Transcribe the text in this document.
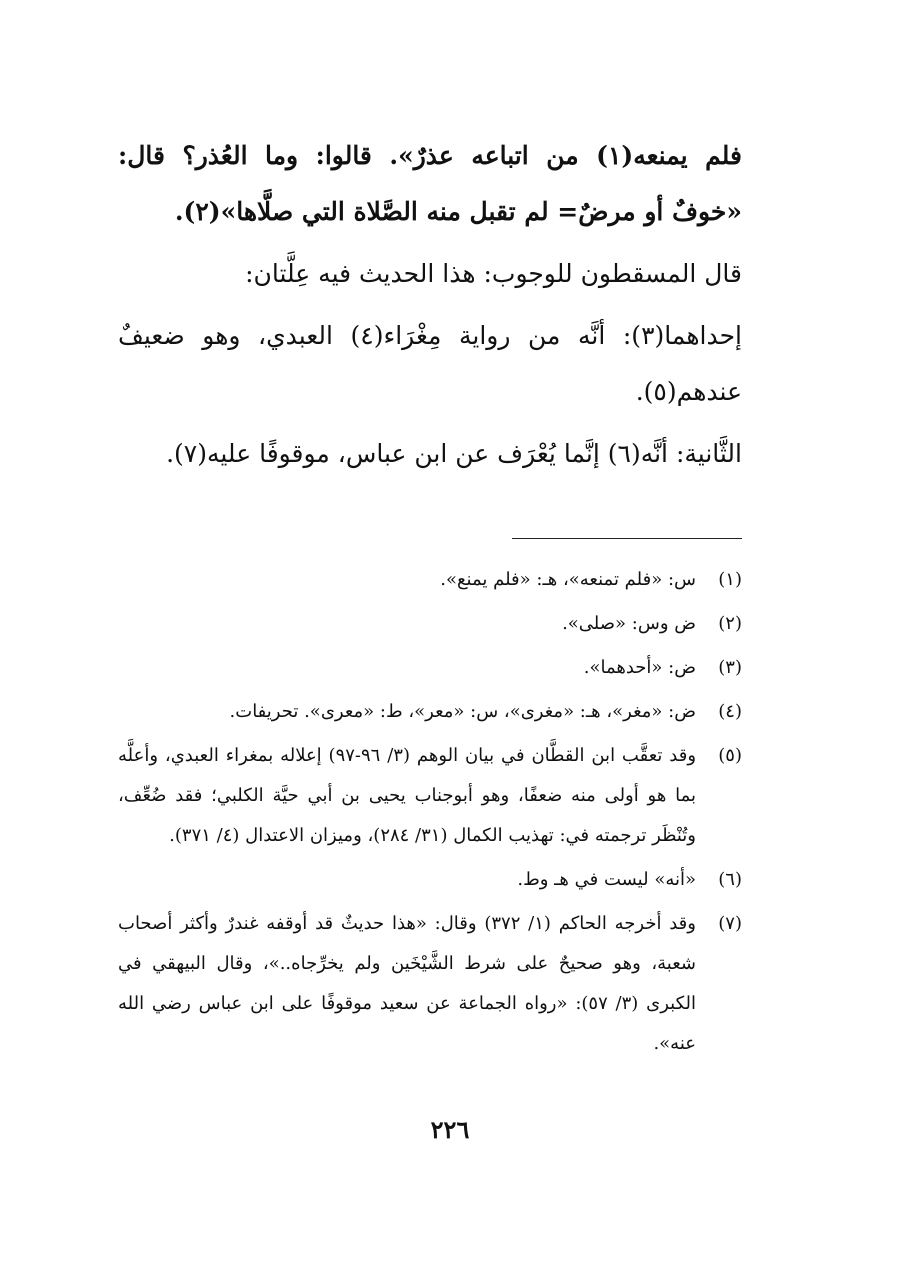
فلم يمنعه(١) من اتباعه عذرٌ». قالوا: وما العُذر؟ قال: «خوفٌ أو مرضٌ= لم تقبل منه الصَّلاة التي صلَّاها»(٢).

قال المسقطون للوجوب: هذا الحديث فيه عِلَّتان:

إحداهما(٣): أنَّه من رواية مِغْرَاء(٤) العبدي، وهو ضعيفٌ عندهم(٥).

الثَّانية: أنَّه(٦) إنَّما يُعْرَف عن ابن عباس، موقوفًا عليه(٧).

(١)
س: «فلم تمنعه»، هـ: «فلم يمنع».
(٢)
ض وس: «صلى».
(٣)
ض: «أحدهما».
(٤)
ض: «مغر»، هـ: «مغرى»، س: «معر»، ط: «معرى». تحريفات.
(٥)
وقد تعقَّب ابن القطَّان في بيان الوهم (٣/ ٩٦-٩٧) إعلاله بمغراء العبدي، وأعلَّه بما هو أولى منه ضعفًا، وهو أبوجناب يحيى بن أبي حيَّة الكلبي؛ فقد ضُعِّف، وتُنْظَر ترجمته في: تهذيب الكمال (٣١/ ٢٨٤)، وميزان الاعتدال (٤/ ٣٧١).
(٦)
«أنه» ليست في هـ وط.
(٧)
وقد أخرجه الحاكم (١/ ٣٧٢) وقال: «هذا حديثٌ قد أوقفه غندرٌ وأكثر أصحاب شعبة، وهو صحيحٌ على شرط الشَّيْخَين ولم يخرِّجاه..»، وقال البيهقي في الكبرى (٣/ ٥٧): «رواه الجماعة عن سعيد موقوفًا على ابن عباس رضي الله عنه».
٢٢٦
